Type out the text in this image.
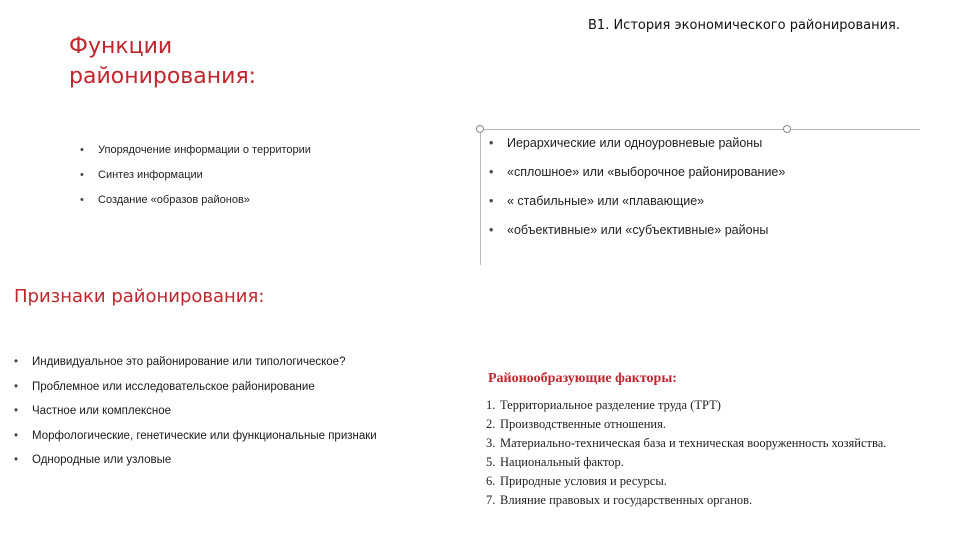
Функции
районирования:
В1. История экономического районирования.
• Упорядочение информации о территории
• Синтез информации
• Создание «образов районов»
• Иерархические или одноуровневые районы
• «сплошное» или «выборочное районирование»
• « стабильные» или «плавающие»
• «объективные» или «субъективные» районы
Признаки районирования:
• Индивидуальное это районирование или типологическое?
• Проблемное или исследовательское районирование
• Частное или комплексное
• Морфологические, генетические или функциональные признаки
• Однородные или узловые
Районообразующие факторы:
1. Территориальное разделение труда (ТРТ)
2. Производственные отношения.
3. Материально-техническая база и техническая вооруженность хозяйства.
5. Национальный фактор.
6. Природные условия и ресурсы.
7. Влияние правовых и государственных органов.
